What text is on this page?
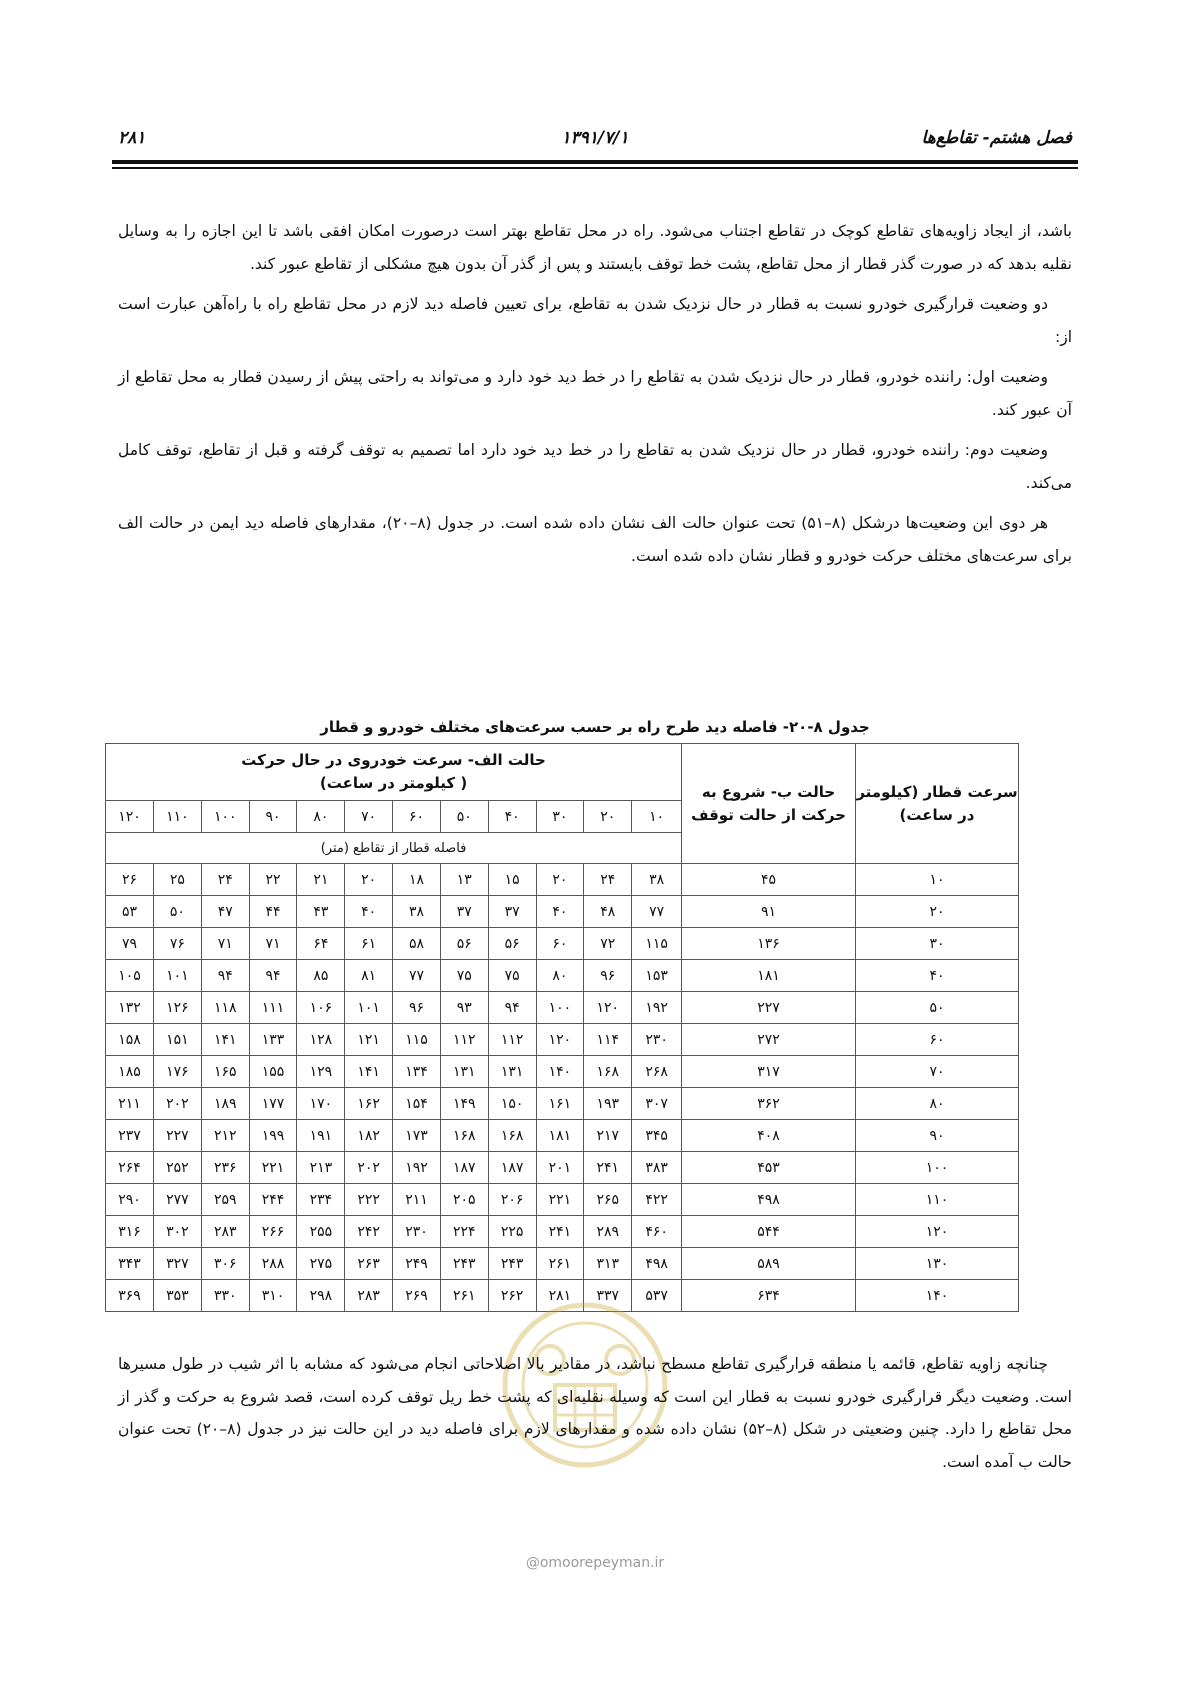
فصل هشتم- تقاطع‌ها
۱۳۹۱/۷/۱
۲۸۱

باشد، از ایجاد زاویه‌های تقاطع کوچک در تقاطع اجتناب می‌شود. راه در محل تقاطع بهتر است درصورت امکان افقی باشد تا این اجازه را به وسایل نقلیه بدهد که در صورت گذر قطار از محل تقاطع، پشت خط توقف بایستند و پس از گذر آن بدون هیچ مشکلی از تقاطع عبور کند.

دو وضعیت قرارگیری خودرو نسبت به قطار در حال نزدیک شدن به تقاطع، برای تعیین فاصله دید لازم در محل تقاطع راه با راه‌آهن عبارت است از:

وضعیت اول: راننده خودرو، قطار در حال نزدیک شدن به تقاطع را در خط دید خود دارد و می‌تواند به راحتی پیش از رسیدن قطار به محل تقاطع از آن عبور کند.

وضعیت دوم: راننده خودرو، قطار در حال نزدیک شدن به تقاطع را در خط دید خود دارد اما تصمیم به توقف گرفته و قبل از تقاطع، توقف کامل می‌کند.

هر دوی این وضعیت‌ها درشکل (۸–۵۱) تحت عنوان حالت الف نشان داده شده است. در جدول (۸–۲۰)، مقدارهای فاصله دید ایمن در حالت الف برای سرعت‌های مختلف حرکت خودرو و قطار نشان داده شده است.

جدول ۸-۲۰- فاصله دید طرح راه بر حسب سرعت‌های مختلف خودرو و قطار
سرعت قطار (کیلومتر در ساعت)	حالت ب- شروع به حرکت از حالت توقف	حالت الف- سرعت خودروی در حال حرکت
( کیلومتر در ساعت)											

		۱۰	۲۰	۳۰	۴۰	۵۰	۶۰	۷۰	۸۰	۹۰	۱۰۰	۱۱۰	۱۲۰
		فاصله قطار از تقاطع (متر)											
۱۰	۴۵	۳۸	۲۴	۲۰	۱۵	۱۳	۱۸	۲۰	۲۱	۲۲	۲۴	۲۵	۲۶
۲۰	۹۱	۷۷	۴۸	۴۰	۳۷	۳۷	۳۸	۴۰	۴۳	۴۴	۴۷	۵۰	۵۳
۳۰	۱۳۶	۱۱۵	۷۲	۶۰	۵۶	۵۶	۵۸	۶۱	۶۴	۷۱	۷۱	۷۶	۷۹
۴۰	۱۸۱	۱۵۳	۹۶	۸۰	۷۵	۷۵	۷۷	۸۱	۸۵	۹۴	۹۴	۱۰۱	۱۰۵
۵۰	۲۲۷	۱۹۲	۱۲۰	۱۰۰	۹۴	۹۳	۹۶	۱۰۱	۱۰۶	۱۱۱	۱۱۸	۱۲۶	۱۳۲
۶۰	۲۷۲	۲۳۰	۱۱۴	۱۲۰	۱۱۲	۱۱۲	۱۱۵	۱۲۱	۱۲۸	۱۳۳	۱۴۱	۱۵۱	۱۵۸
۷۰	۳۱۷	۲۶۸	۱۶۸	۱۴۰	۱۳۱	۱۳۱	۱۳۴	۱۴۱	۱۲۹	۱۵۵	۱۶۵	۱۷۶	۱۸۵
۸۰	۳۶۲	۳۰۷	۱۹۳	۱۶۱	۱۵۰	۱۴۹	۱۵۴	۱۶۲	۱۷۰	۱۷۷	۱۸۹	۲۰۲	۲۱۱
۹۰	۴۰۸	۳۴۵	۲۱۷	۱۸۱	۱۶۸	۱۶۸	۱۷۳	۱۸۲	۱۹۱	۱۹۹	۲۱۲	۲۲۷	۲۳۷
۱۰۰	۴۵۳	۳۸۳	۲۴۱	۲۰۱	۱۸۷	۱۸۷	۱۹۲	۲۰۲	۲۱۳	۲۲۱	۲۳۶	۲۵۲	۲۶۴
۱۱۰	۴۹۸	۴۲۲	۲۶۵	۲۲۱	۲۰۶	۲۰۵	۲۱۱	۲۲۲	۲۳۴	۲۴۴	۲۵۹	۲۷۷	۲۹۰
۱۲۰	۵۴۴	۴۶۰	۲۸۹	۲۴۱	۲۲۵	۲۲۴	۲۳۰	۲۴۲	۲۵۵	۲۶۶	۲۸۳	۳۰۲	۳۱۶
۱۳۰	۵۸۹	۴۹۸	۳۱۳	۲۶۱	۲۴۳	۲۴۳	۲۴۹	۲۶۳	۲۷۵	۲۸۸	۳۰۶	۳۲۷	۳۴۳
۱۴۰	۶۳۴	۵۳۷	۳۳۷	۲۸۱	۲۶۲	۲۶۱	۲۶۹	۲۸۳	۲۹۸	۳۱۰	۳۳۰	۳۵۳	۳۶۹

چنانچه زاویه تقاطع، قائمه یا منطقه قرارگیری تقاطع مسطح نباشد، در مقادیر بالا اصلاحاتی انجام می‌شود که مشابه با اثر شیب در طول مسیرها است. وضعیت دیگر قرارگیری خودرو نسبت به قطار این است که وسیله نقلیه‌ای که پشت خط ریل توقف کرده است، قصد شروع به حرکت و گذر از محل تقاطع را دارد. چنین وضعیتی در شکل (۸–۵۲) نشان داده شده و مقدارهای لازم برای فاصله دید در این حالت نیز در جدول (۸–۲۰) تحت عنوان حالت ب آمده است.

@omoorepeyman.ir
